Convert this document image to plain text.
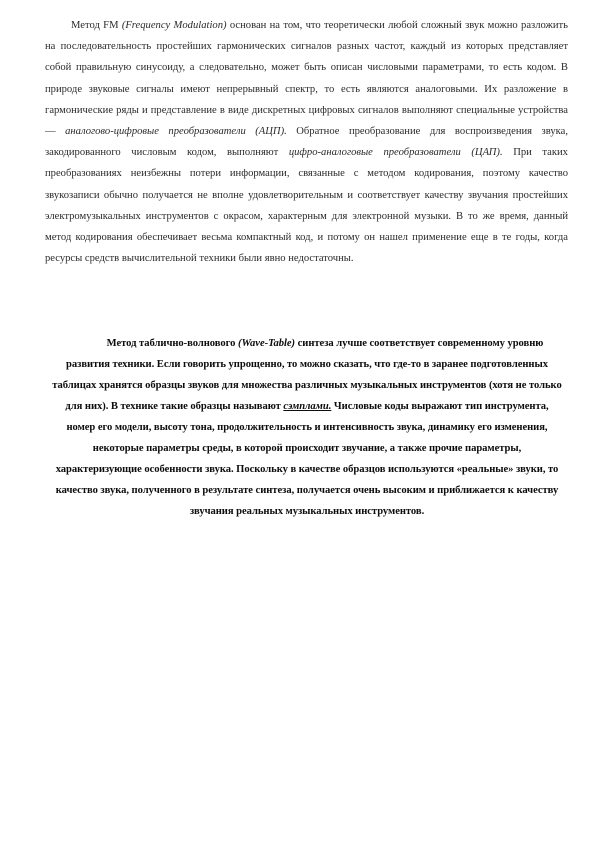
Метод FM (Frequency Modulation) основан на том, что теоретически любой сложный звук можно разложить на последовательность простейших гармонических сигналов разных частот, каждый из которых представляет собой правильную синусоиду, а следовательно, может быть описан числовыми параметрами, то есть кодом. В природе звуковые сигналы имеют непрерывный спектр, то есть являются аналоговыми. Их разложение в гармонические ряды и представление в виде дискретных цифровых сигналов выполняют специальные устройства — аналогово-цифровые преобразователи (АЦП). Обратное преобразование для воспроизведения звука, закодированного числовым кодом, выполняют цифро-аналоговые преобразователи (ЦАП). При таких преобразованиях неизбежны потери информации, связанные с методом кодирования, поэтому качество звукозаписи обычно получается не вполне удовлетворительным и соответствует качеству звучания простейших электромузыкальных инструментов с окрасом, характерным для электронной музыки. В то же время, данный метод кодирования обеспечивает весьма компактный код, и потому он нашел применение еще в те годы, когда ресурсы средств вычислительной техники были явно недостаточны.

Метод таблично-волнового (Wave-Table) синтеза лучше соответствует современному уровню развития техники. Если говорить упрощенно, то можно сказать, что где-то в заранее подготовленных таблицах хранятся образцы звуков для множества различных музыкальных инструментов (хотя не только для них). В технике такие образцы называют сэмплами. Числовые коды выражают тип инструмента, номер его модели, высоту тона, продолжительность и интенсивность звука, динамику его изменения, некоторые параметры среды, в которой происходит звучание, а также прочие параметры, характеризующие особенности звука. Поскольку в качестве образцов используются «реальные» звуки, то качество звука, полученного в результате синтеза, получается очень высоким и приближается к качеству звучания реальных музыкальных инструментов.
